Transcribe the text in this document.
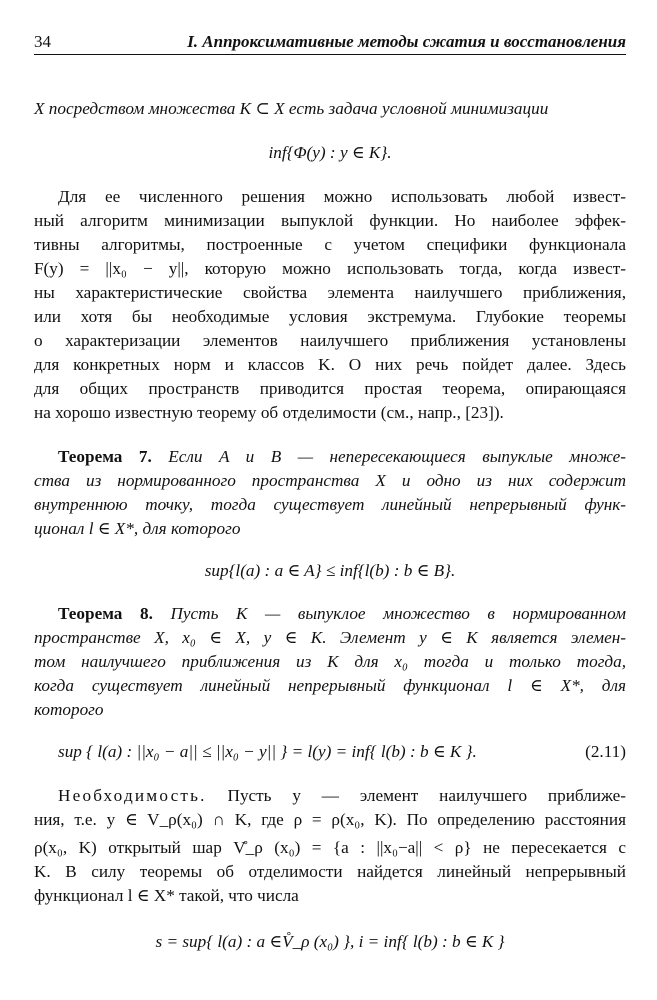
34	I. Аппроксимативные методы сжатия и восстановления
X посредством множества K ⊂ X есть задача условной минимизации
inf{Φ(y) : y ∈ K}.
Для ее численного решения можно использовать любой извест-
ный алгоритм минимизации выпуклой функции. Но наиболее эффек-
тивны алгоритмы, построенные с учетом специфики функционала
F(y) = ||x₀ − y||, которую можно использовать тогда, когда извест-
ны характеристические свойства элемента наилучшего приближения,
или хотя бы необходимые условия экстремума. Глубокие теоремы
о характеризации элементов наилучшего приближения установлены
для конкретных норм и классов K. О них речь пойдет далее. Здесь
для общих пространств приводится простая теорема, опирающаяся
на хорошо известную теорему об отделимости (см., напр., [23]).
Теорема 7. Если A и B — непересекающиеся выпуклые множе-
ства из нормированного пространства X и одно из них содержит
внутреннюю точку, тогда существует линейный непрерывный функ-
ционал l ∈ X*, для которого
sup{l(a) : a ∈ A} ≤ inf{l(b) : b ∈ B}.
Теорема 8. Пусть K — выпуклое множество в нормированном
пространстве X, x₀ ∈ X, y ∈ K. Элемент y ∈ K является элемен-
том наилучшего приближения из K для x₀ тогда и только тогда,
когда существует линейный непрерывный функционал l ∈ X*, для
которого
sup { l(a) : ||x₀ − a|| ≤ ||x₀ − y|| } = l(y) = inf{ l(b) : b ∈ K }.	(2.11)
Необходимость. Пусть y — элемент наилучшего приближе-
ния, т.е. y ∈ V_ρ(x₀) ∩ K, где ρ = ρ(x₀, K). По определению расстояния
ρ(x₀, K) открытый шар V̊_ρ (x₀) = {a : ||x₀−a|| < ρ} не пересекается с
K. В силу теоремы об отделимости найдется линейный непрерывный
функционал l ∈ X* такой, что числа
s = sup{ l(a) : a ∈V̊_ρ (x₀) }, i = inf{ l(b) : b ∈ K }
